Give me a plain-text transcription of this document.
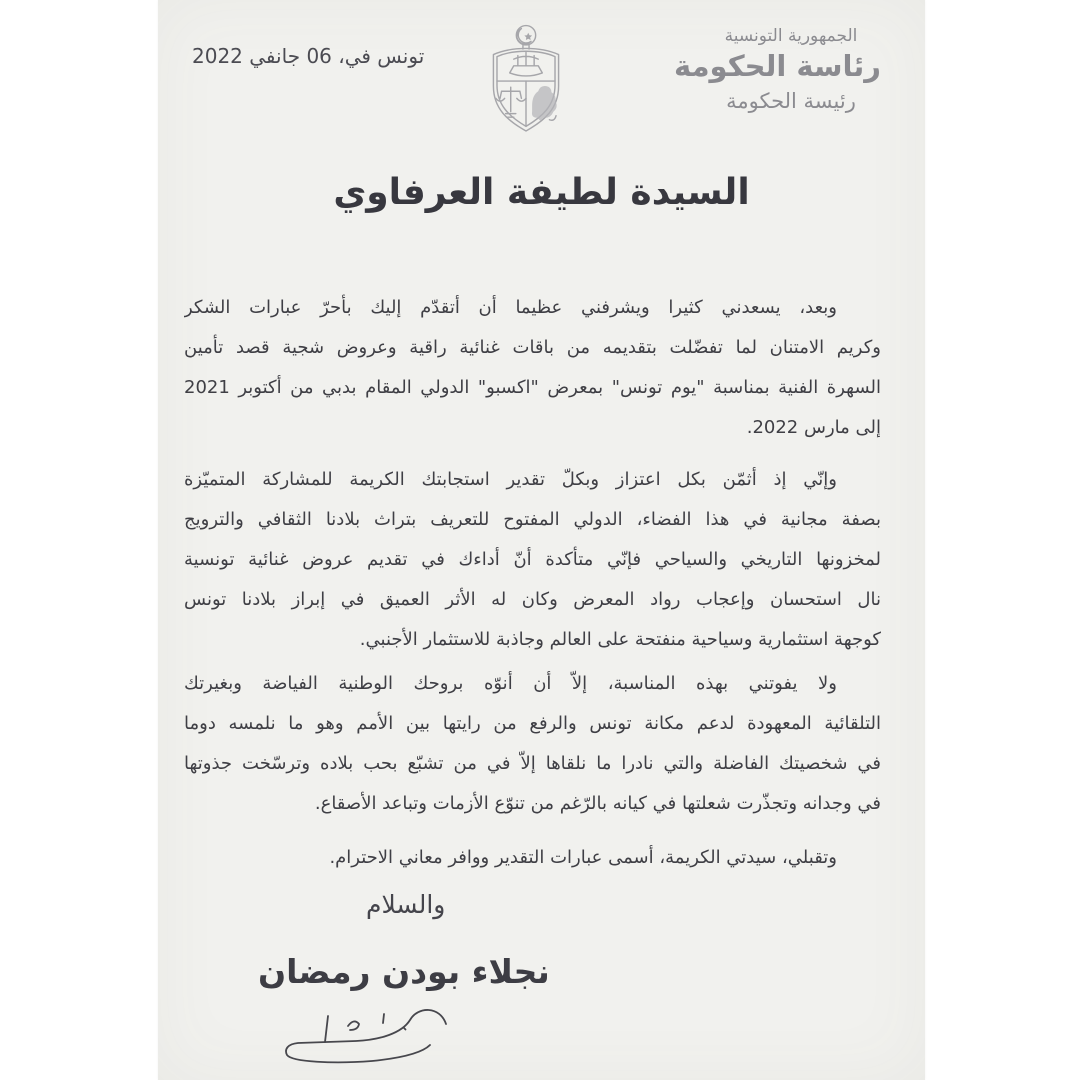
تونس في، 06 جانفي 2022
الجمهورية التونسية
رئاسة الحكومة
رئيسة الحكومة
السيدة لطيفة العرفاوي
وبعد، يسعدني كثيرا ويشرفني عظيما أن أتقدّم إليك بأحرّ عبارات الشكر
وكريم الامتنان لما تفضّلت بتقديمه من باقات غنائية راقية وعروض شجية قصد تأمين
السهرة الفنية بمناسبة "يوم تونس" بمعرض "اكسبو" الدولي المقام بدبي من أكتوبر 2021
إلى مارس 2022.
وإنّي إذ أثمّن بكل اعتزاز وبكلّ تقدير استجابتك الكريمة للمشاركة المتميّزة
بصفة مجانية في هذا الفضاء، الدولي المفتوح للتعريف بتراث بلادنا الثقافي والترويج
لمخزونها التاريخي والسياحي فإنّي متأكدة أنّ أداءك في تقديم عروض غنائية تونسية
نال استحسان وإعجاب رواد المعرض وكان له الأثر العميق في إبراز بلادنا تونس
كوجهة استثمارية وسياحية منفتحة على العالم وجاذبة للاستثمار الأجنبي.
ولا يفوتني بهذه المناسبة، إلاّ أن أنوّه بروحك الوطنية الفياضة وبغيرتك
التلقائية المعهودة لدعم مكانة تونس والرفع من رايتها بين الأمم وهو ما نلمسه دوما
في شخصيتك الفاضلة والتي نادرا ما نلقاها إلاّ في من تشبّع بحب بلاده وترسّخت جذوتها
في وجدانه وتجذّرت شعلتها في كيانه بالرّغم من تنوّع الأزمات وتباعد الأصقاع.
وتقبلي، سيدتي الكريمة، أسمى عبارات التقدير ووافر معاني الاحترام.
والسلام
نجلاء بودن رمضان
